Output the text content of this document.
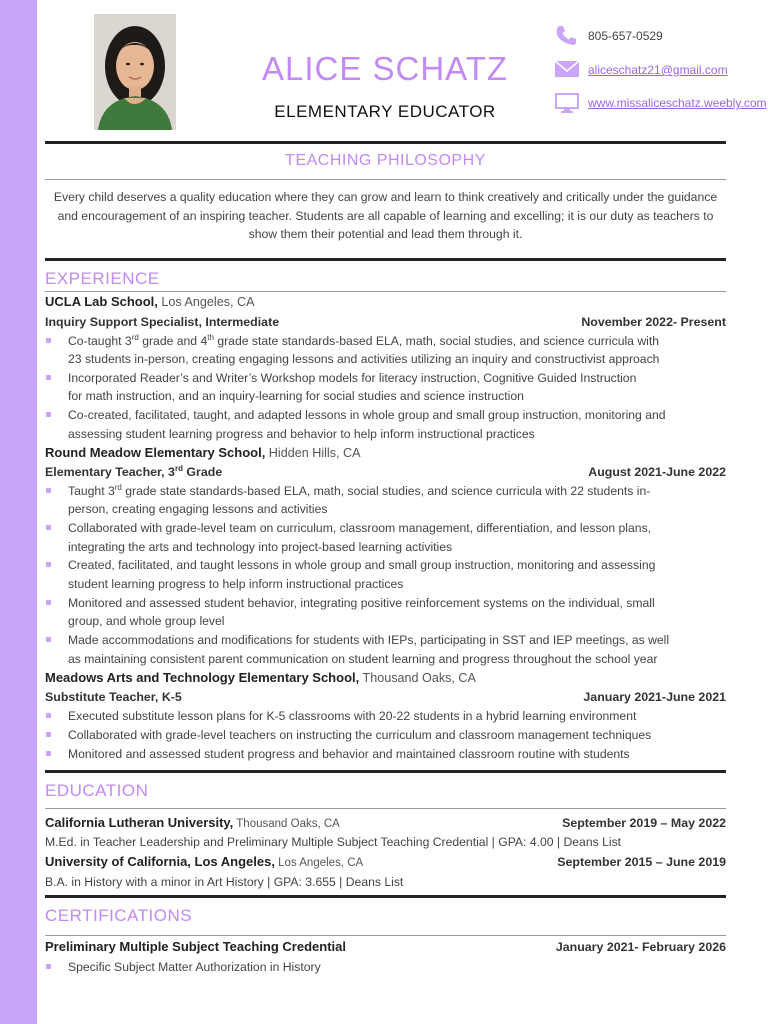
ALICE SCHATZ
ELEMENTARY EDUCATOR
805-657-0529
aliceschatz21@gmail.com
www.missaliceschatz.weebly.com
TEACHING PHILOSOPHY
Every child deserves a quality education where they can grow and learn to think creatively and critically under the guidance and encouragement of an inspiring teacher. Students are all capable of learning and excelling; it is our duty as teachers to show them their potential and lead them through it.
EXPERIENCE
UCLA Lab School, Los Angeles, CA
Inquiry Support Specialist, Intermediate	November 2022- Present
Co-taught 3rd grade and 4th grade state standards-based ELA, math, social studies, and science curricula with
23 students in-person, creating engaging lessons and activities utilizing an inquiry and constructivist approach
Incorporated Reader’s and Writer’s Workshop models for literacy instruction, Cognitive Guided Instruction
for math instruction, and an inquiry-learning for social studies and science instruction
Co-created, facilitated, taught, and adapted lessons in whole group and small group instruction, monitoring and
assessing student learning progress and behavior to help inform instructional practices
Round Meadow Elementary School, Hidden Hills, CA
Elementary Teacher, 3rd Grade	August 2021-June 2022
Taught 3rd grade state standards-based ELA, math, social studies, and science curricula with 22 students in-
person, creating engaging lessons and activities
Collaborated with grade-level team on curriculum, classroom management, differentiation, and lesson plans,
integrating the arts and technology into project-based learning activities
Created, facilitated, and taught lessons in whole group and small group instruction, monitoring and assessing
student learning progress to help inform instructional practices
Monitored and assessed student behavior, integrating positive reinforcement systems on the individual, small
group, and whole group level
Made accommodations and modifications for students with IEPs, participating in SST and IEP meetings, as well
as maintaining consistent parent communication on student learning and progress throughout the school year
Meadows Arts and Technology Elementary School, Thousand Oaks, CA
Substitute Teacher, K-5	January 2021-June 2021
Executed substitute lesson plans for K-5 classrooms with 20-22 students in a hybrid learning environment
Collaborated with grade-level teachers on instructing the curriculum and classroom management techniques
Monitored and assessed student progress and behavior and maintained classroom routine with students
EDUCATION
California Lutheran University, Thousand Oaks, CA	September 2019 – May 2022
M.Ed. in Teacher Leadership and Preliminary Multiple Subject Teaching Credential | GPA: 4.00 | Deans List
University of California, Los Angeles, Los Angeles, CA	September 2015 – June 2019
B.A. in History with a minor in Art History | GPA: 3.655 | Deans List
CERTIFICATIONS
Preliminary Multiple Subject Teaching Credential	January 2021- February 2026
Specific Subject Matter Authorization in History
